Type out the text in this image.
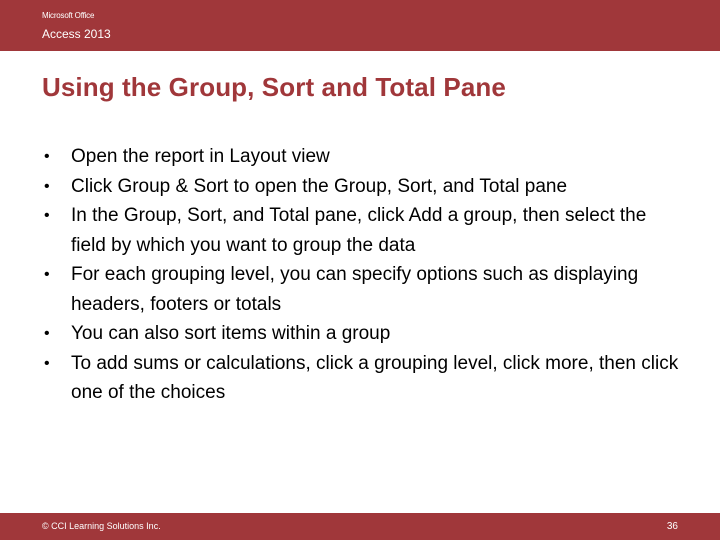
Microsoft Office
Access 2013
Using the Group, Sort and Total Pane
• Open the report in Layout view
• Click Group & Sort to open the Group, Sort, and Total pane
• In the Group, Sort, and Total pane, click Add a group, then select the field by which you want to group the data
• For each grouping level, you can specify options such as displaying headers, footers or totals
• You can also sort items within a group
• To add sums or calculations, click a grouping level, click more, then click one of the choices
© CCI Learning Solutions Inc.	36
